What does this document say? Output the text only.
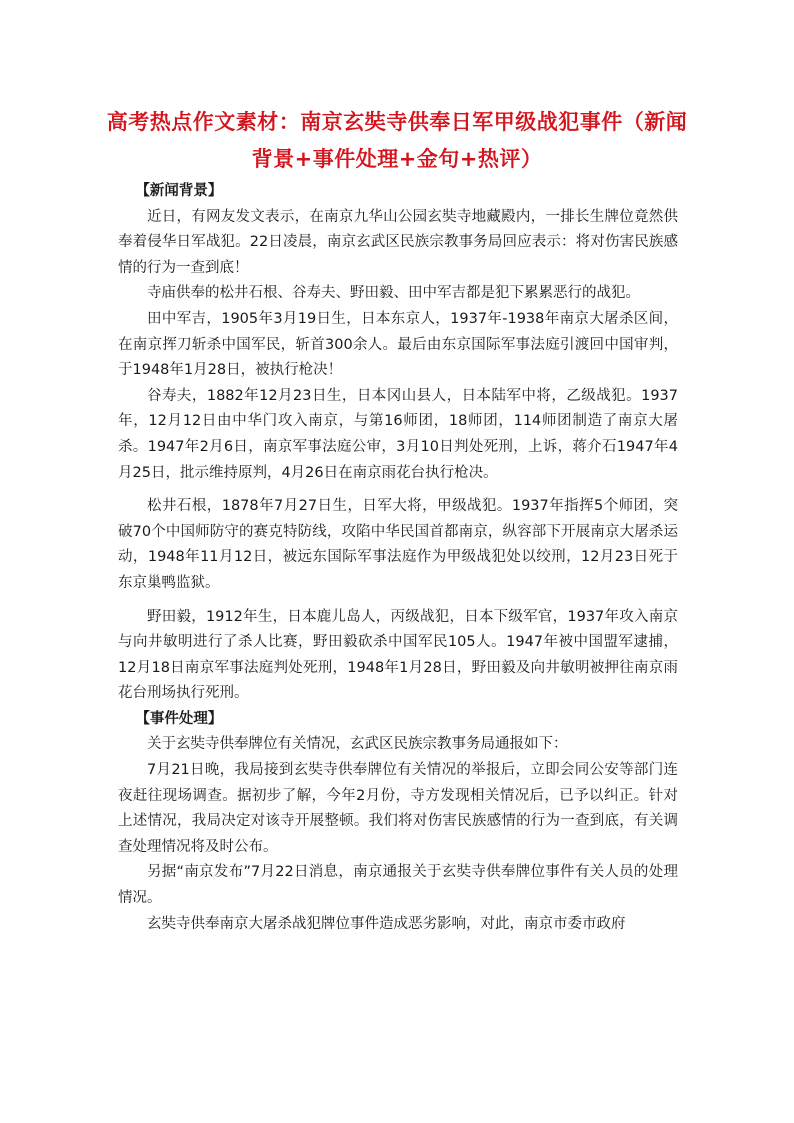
高考热点作文素材：南京玄奘寺供奉日军甲级战犯事件（新闻背景+事件处理+金句+热评）

【新闻背景】

近日，有网友发文表示，在南京九华山公园玄奘寺地藏殿内，一排长生牌位竟然供奉着侵华日军战犯。22日凌晨，南京玄武区民族宗教事务局回应表示：将对伤害民族感情的行为一查到底！

寺庙供奉的松井石根、谷寿夫、野田毅、田中军吉都是犯下累累恶行的战犯。

田中军吉，1905年3月19日生，日本东京人，1937年-1938年南京大屠杀区间，在南京挥刀斩杀中国军民，斩首300余人。最后由东京国际军事法庭引渡回中国审判，于1948年1月28日，被执行枪决！

谷寿夫，1882年12月23日生，日本冈山县人，日本陆军中将，乙级战犯。1937年，12月12日由中华门攻入南京，与第16师团，18师团，114师团制造了南京大屠杀。1947年2月6日，南京军事法庭公审，3月10日判处死刑，上诉，蒋介石1947年4月25日，批示维持原判，4月26日在南京雨花台执行枪决。

松井石根，1878年7月27日生，日军大将，甲级战犯。1937年指挥5个师团，突破70个中国师防守的赛克特防线，攻陷中华民国首都南京，纵容部下开展南京大屠杀运动，1948年11月12日，被远东国际军事法庭作为甲级战犯处以绞刑，12月23日死于东京巢鸭监狱。

野田毅，1912年生，日本鹿儿岛人，丙级战犯，日本下级军官，1937年攻入南京与向井敏明进行了杀人比赛，野田毅砍杀中国军民105人。1947年被中国盟军逮捕，12月18日南京军事法庭判处死刑，1948年1月28日，野田毅及向井敏明被押往南京雨花台刑场执行死刑。

【事件处理】

关于玄奘寺供奉牌位有关情况，玄武区民族宗教事务局通报如下：

7月21日晚，我局接到玄奘寺供奉牌位有关情况的举报后，立即会同公安等部门连夜赶往现场调查。据初步了解，今年2月份，寺方发现相关情况后，已予以纠正。针对上述情况，我局决定对该寺开展整顿。我们将对伤害民族感情的行为一查到底，有关调查处理情况将及时公布。

另据“南京发布”7月22日消息，南京通报关于玄奘寺供奉牌位事件有关人员的处理情况。

玄奘寺供奉南京大屠杀战犯牌位事件造成恶劣影响，对此，南京市委市政府
